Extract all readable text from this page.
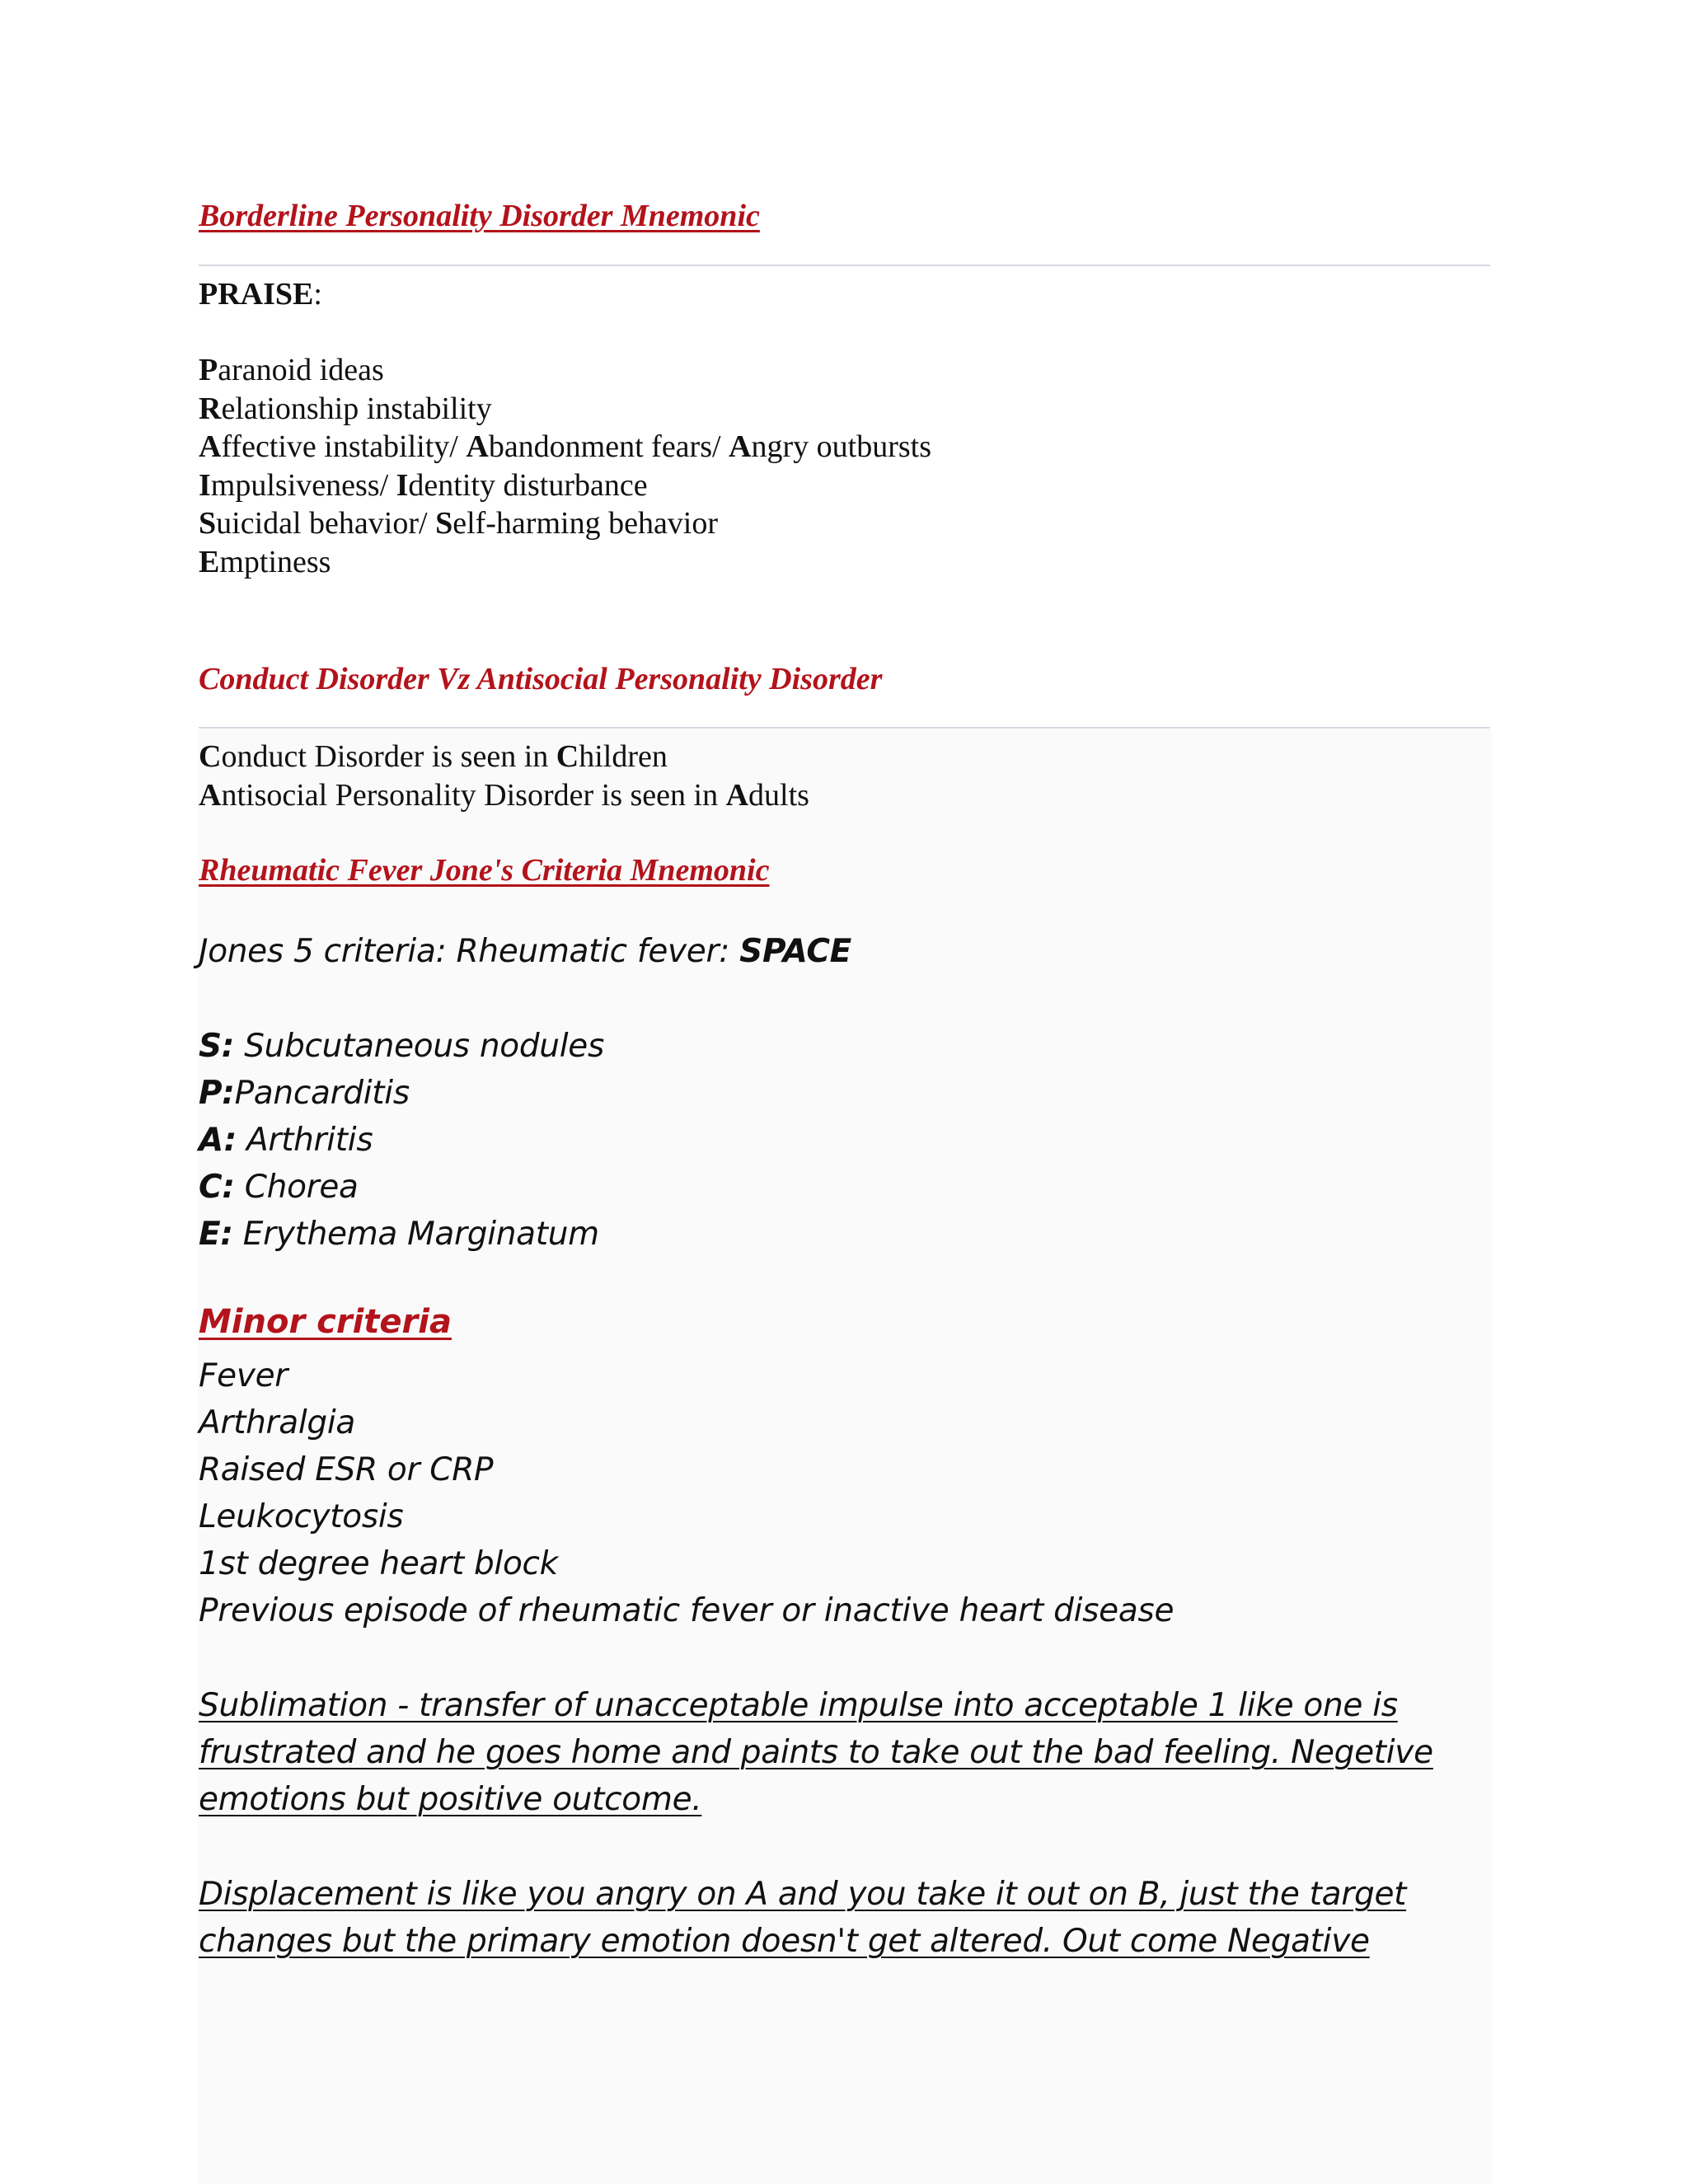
Borderline Personality Disorder Mnemonic
PRAISE:
Paranoid ideas
Relationship instability
Affective instability/ Abandonment fears/ Angry outbursts
Impulsiveness/ Identity disturbance
Suicidal behavior/ Self-harming behavior
Emptiness
Conduct Disorder Vz Antisocial Personality Disorder
Conduct Disorder is seen in Children
Antisocial Personality Disorder is seen in Adults
Rheumatic Fever Jone's Criteria Mnemonic
Jones 5 criteria: Rheumatic fever: SPACE
S: Subcutaneous nodules
P:Pancarditis
A: Arthritis
C: Chorea
E: Erythema Marginatum
Minor criteria
Fever
Arthralgia
Raised ESR or CRP
Leukocytosis
1st degree heart block
Previous episode of rheumatic fever or inactive heart disease
Sublimation - transfer of unacceptable impulse into acceptable 1 like one is
frustrated and he goes home and paints to take out the bad feeling. Negetive
emotions but positive outcome.
Displacement is like you angry on A and you take it out on B, just the target
changes but the primary emotion doesn't get altered. Out come Negative
